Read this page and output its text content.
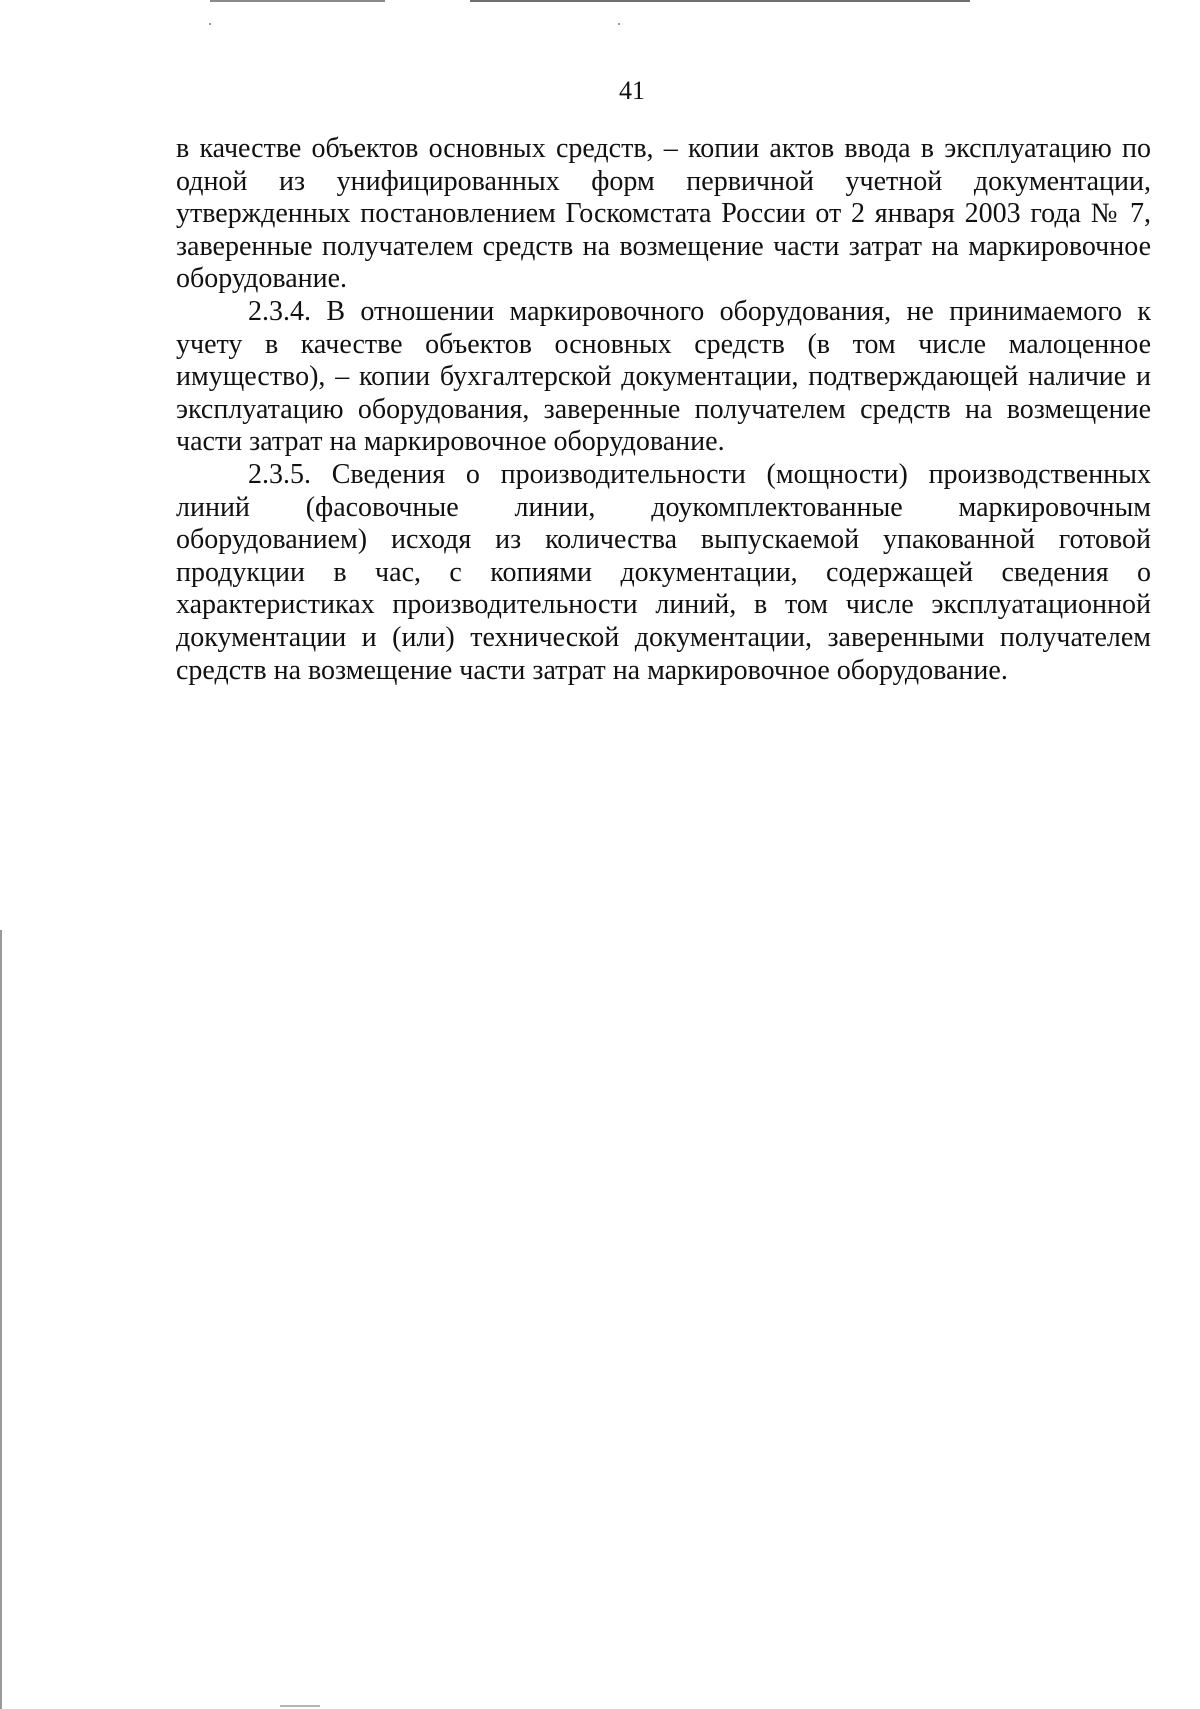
41

в качестве объектов основных средств, – копии актов ввода в эксплуатацию по одной из унифицированных форм первичной учетной документации, утвержденных постановлением Госкомстата России от 2 января 2003 года № 7, заверенные получателем средств на возмещение части затрат на маркировочное оборудование.

2.3.4. В отношении маркировочного оборудования, не принимаемого к учету в качестве объектов основных средств (в том числе малоценное имущество), – копии бухгалтерской документации, подтверждающей наличие и эксплуатацию оборудования, заверенные получателем средств на возмещение части затрат на маркировочное оборудование.

2.3.5. Сведения о производительности (мощности) производственных линий (фасовочные линии, доукомплектованные маркировочным оборудованием) исходя из количества выпускаемой упакованной готовой продукции в час, с копиями документации, содержащей сведения о характеристиках производительности линий, в том числе эксплуатационной документации и (или) технической документации, заверенными получателем средств на возмещение части затрат на маркировочное оборудование.
